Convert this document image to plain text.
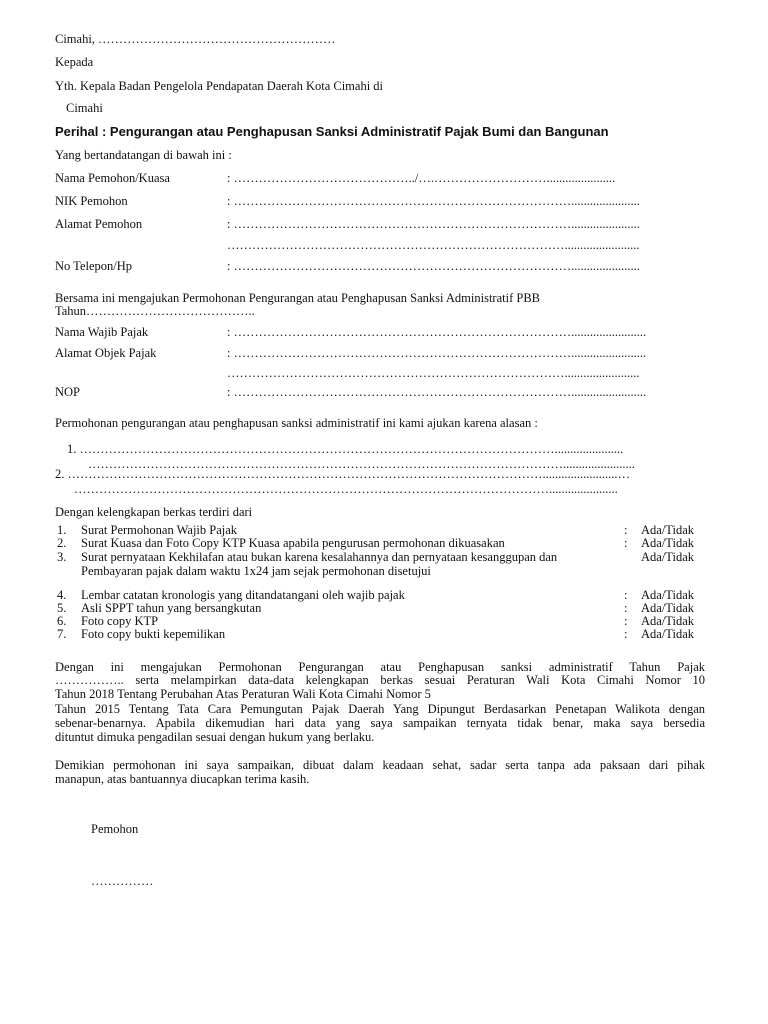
Cimahi, …………………………………………………
Kepada
Yth. Kepala Badan Pengelola Pendapatan Daerah Kota Cimahi di
Cimahi
Perihal : Pengurangan atau Penghapusan Sanksi Administratif Pajak Bumi dan Bangunan
Yang bertandatangan di bawah ini :
Nama Pemohon/Kuasa	: ……………………………………../….………………………......................
NIK Pemohon	: ………………………………………………………………………......................
Alamat Pemohon	: ………………………………………………………………………......................
………………………………………………………………………........................
No Telepon/Hp	: ………………………………………………………………………......................
Bersama ini mengajukan Permohonan Pengurangan atau Penghapusan Sanksi Administratif PBB
Tahun…………………………………..
Nama Wajib Pajak	: ………………………………………………………………………........................
Alamat Objek Pajak	: ………………………………………………………………………........................
………………………………………………………………………........................
NOP	: ………………………………………………………………………........................
Permohonan pengurangan atau penghapusan sanksi administratif ini kami ajukan karena alasan :
1. ……………………………………………………………………………………………………......................
…………………………………………………………………………………………………….......................
2. ……………………………………………………………………………………………………........................…
……………………………………………………………………………………………………......................
Dengan kelengkapan berkas terdiri dari
1. Surat Permohonan Wajib Pajak	: Ada/Tidak
2. Surat Kuasa dan Foto Copy KTP Kuasa apabila pengurusan permohonan dikuasakan	: Ada/Tidak
3. Surat pernyataan Kekhilafan atau bukan karena kesalahannya dan pernyataan kesanggupan dan
Pembayaran pajak dalam waktu 1x24 jam sejak permohonan disetujui
Ada/Tidak
4. Lembar catatan kronologis yang ditandatangani oleh wajib pajak	: Ada/Tidak
5. Asli SPPT tahun yang bersangkutan	: Ada/Tidak
6. Foto copy KTP	: Ada/Tidak
7. Foto copy bukti kepemilikan	: Ada/Tidak
Dengan ini mengajukan Permohonan Pengurangan atau Penghapusan sanksi administratif Tahun Pajak
…………….. serta melampirkan data-data kelengkapan berkas sesuai Peraturan Wali Kota Cimahi Nomor 10
Tahun 2018 Tentang Perubahan Atas Peraturan Wali Kota Cimahi Nomor 5
Tahun 2015 Tentang Tata Cara Pemungutan Pajak Daerah Yang Dipungut Berdasarkan Penetapan Walikota dengan
sebenar-benarnya. Apabila dikemudian hari data yang saya sampaikan ternyata tidak benar, maka saya bersedia
dituntut dimuka pengadilan sesuai dengan hukum yang berlaku.
Demikian permohonan ini saya sampaikan, dibuat dalam keadaan sehat, sadar serta tanpa ada paksaan dari pihak
manapun, atas bantuannya diucapkan terima kasih.
Pemohon
……………
